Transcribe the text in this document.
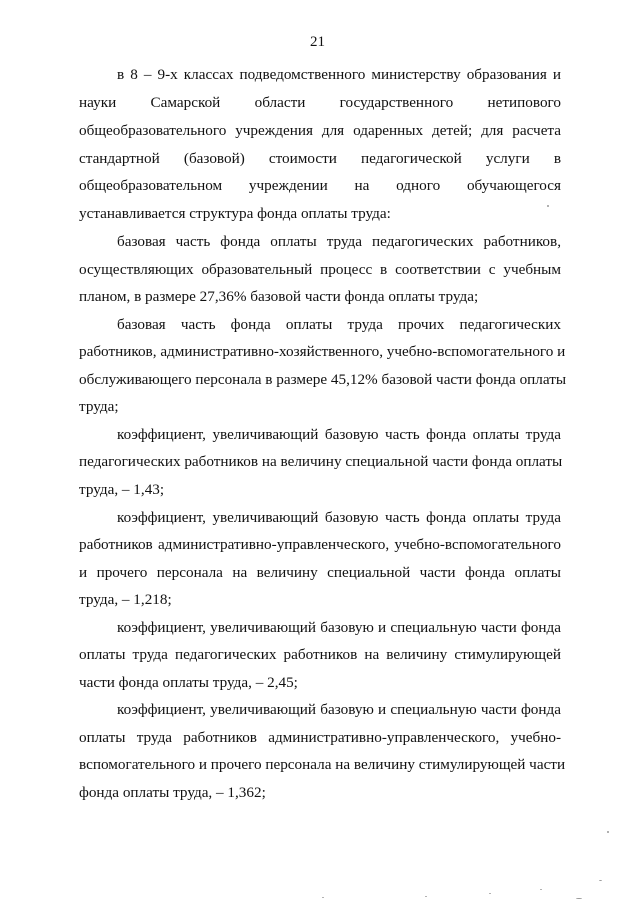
21
в 8 – 9-х классах подведомственного министерству образования и
науки Самарской области государственного нетипового
общеобразовательного учреждения для одаренных детей; для расчета
стандартной (базовой) стоимости педагогической услуги в
общеобразовательном учреждении на одного обучающегося
устанавливается структура фонда оплаты труда:
базовая часть фонда оплаты труда педагогических работников,
осуществляющих образовательный процесс в соответствии с учебным
планом, в размере 27,36% базовой части фонда оплаты труда;
базовая часть фонда оплаты труда прочих педагогических
работников, административно-хозяйственного, учебно-вспомогательного и
обслуживающего персонала в размере 45,12% базовой части фонда оплаты
труда;
коэффициент, увеличивающий базовую часть фонда оплаты труда
педагогических работников на величину специальной части фонда оплаты
труда, – 1,43;
коэффициент, увеличивающий базовую часть фонда оплаты труда
работников административно-управленческого, учебно-вспомогательного
и прочего персонала на величину специальной части фонда оплаты
труда, – 1,218;
коэффициент, увеличивающий базовую и специальную части фонда
оплаты труда педагогических работников на величину стимулирующей
части фонда оплаты труда, – 2,45;
коэффициент, увеличивающий базовую и специальную части фонда
оплаты труда работников административно-управленческого, учебно-
вспомогательного и прочего персонала на величину стимулирующей части
фонда оплаты труда, – 1,362;
